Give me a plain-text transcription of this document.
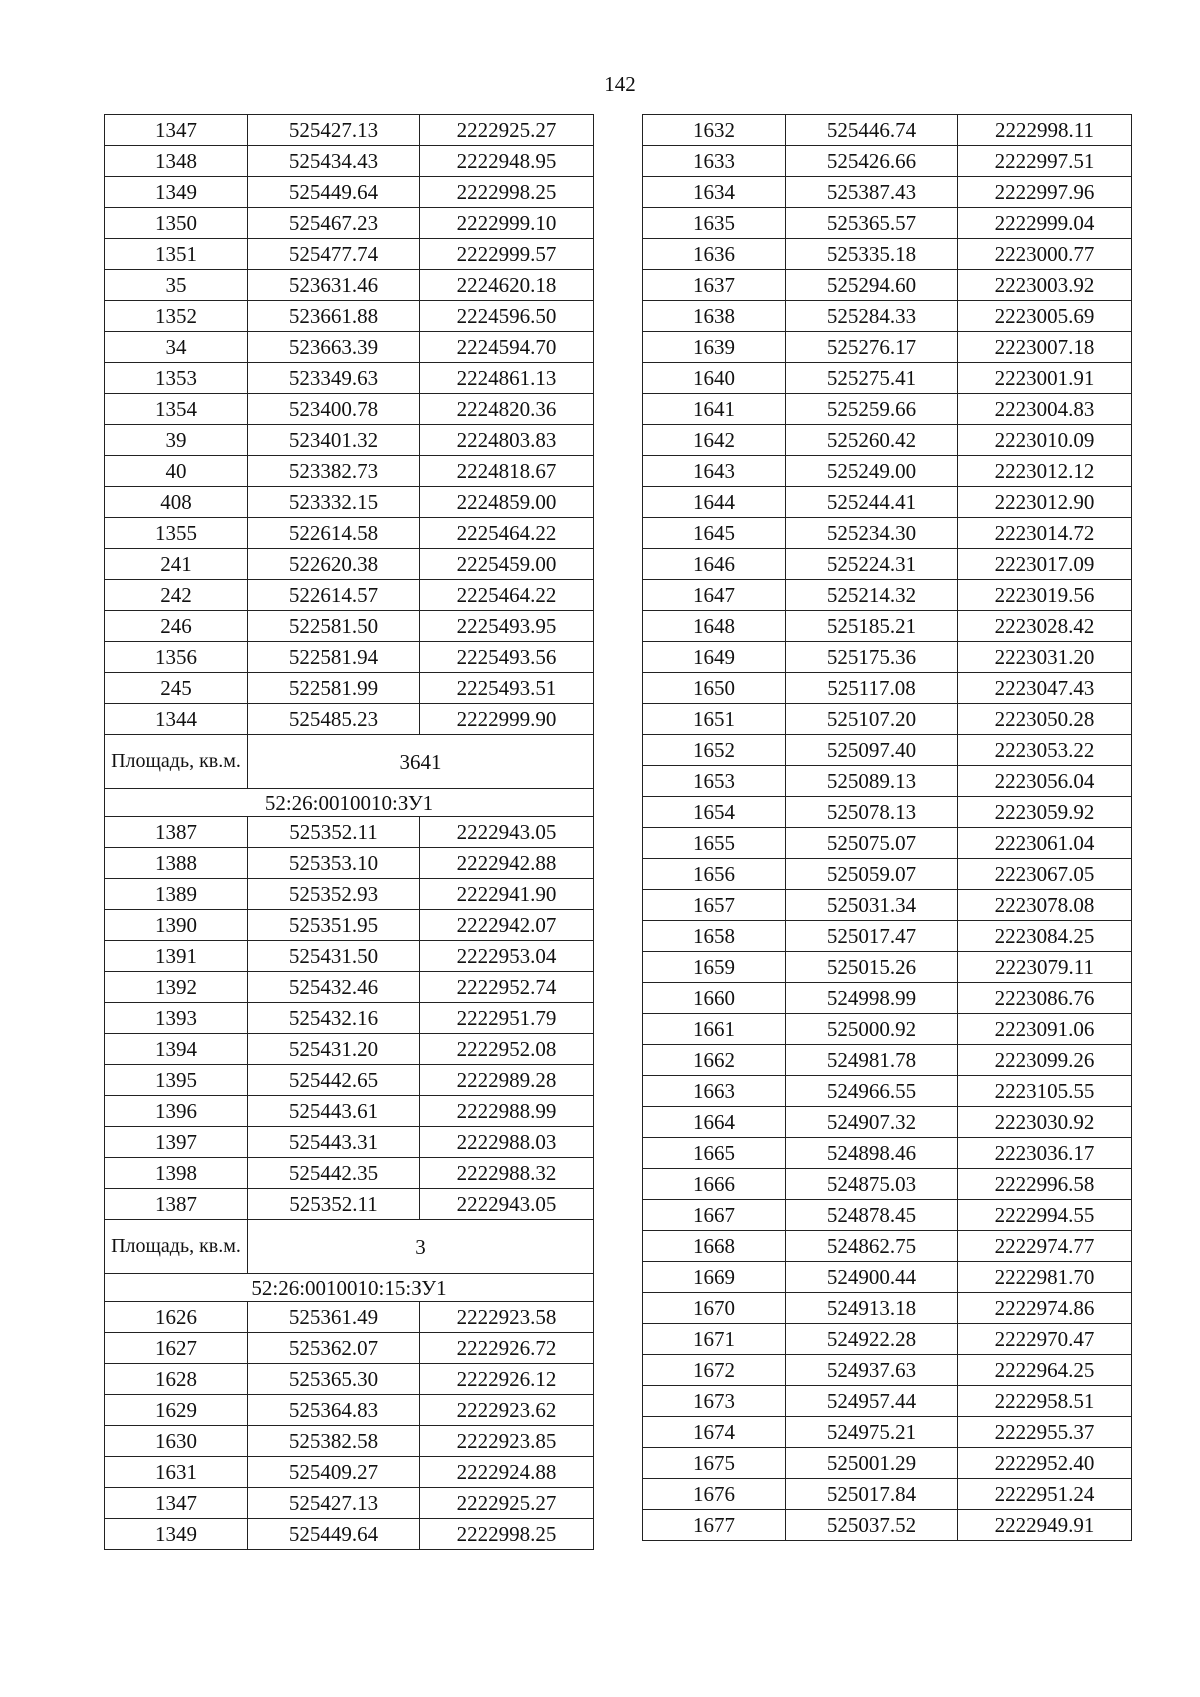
142
1347	525427.13	2222925.27
1348	525434.43	2222948.95
1349	525449.64	2222998.25
1350	525467.23	2222999.10
1351	525477.74	2222999.57
35	523631.46	2224620.18
1352	523661.88	2224596.50
34	523663.39	2224594.70
1353	523349.63	2224861.13
1354	523400.78	2224820.36
39	523401.32	2224803.83
40	523382.73	2224818.67
408	523332.15	2224859.00
1355	522614.58	2225464.22
241	522620.38	2225459.00
242	522614.57	2225464.22
246	522581.50	2225493.95
1356	522581.94	2225493.56
245	522581.99	2225493.51
1344	525485.23	2222999.90
Площадь, кв.м.	3641	
52:26:0010010:ЗУ1		
1387	525352.11	2222943.05
1388	525353.10	2222942.88
1389	525352.93	2222941.90
1390	525351.95	2222942.07
1391	525431.50	2222953.04
1392	525432.46	2222952.74
1393	525432.16	2222951.79
1394	525431.20	2222952.08
1395	525442.65	2222989.28
1396	525443.61	2222988.99
1397	525443.31	2222988.03
1398	525442.35	2222988.32
1387	525352.11	2222943.05
Площадь, кв.м.	3	
52:26:0010010:15:ЗУ1		
1626	525361.49	2222923.58
1627	525362.07	2222926.72
1628	525365.30	2222926.12
1629	525364.83	2222923.62
1630	525382.58	2222923.85
1631	525409.27	2222924.88
1347	525427.13	2222925.27
1349	525449.64	2222998.25
1632	525446.74	2222998.11
1633	525426.66	2222997.51
1634	525387.43	2222997.96
1635	525365.57	2222999.04
1636	525335.18	2223000.77
1637	525294.60	2223003.92
1638	525284.33	2223005.69
1639	525276.17	2223007.18
1640	525275.41	2223001.91
1641	525259.66	2223004.83
1642	525260.42	2223010.09
1643	525249.00	2223012.12
1644	525244.41	2223012.90
1645	525234.30	2223014.72
1646	525224.31	2223017.09
1647	525214.32	2223019.56
1648	525185.21	2223028.42
1649	525175.36	2223031.20
1650	525117.08	2223047.43
1651	525107.20	2223050.28
1652	525097.40	2223053.22
1653	525089.13	2223056.04
1654	525078.13	2223059.92
1655	525075.07	2223061.04
1656	525059.07	2223067.05
1657	525031.34	2223078.08
1658	525017.47	2223084.25
1659	525015.26	2223079.11
1660	524998.99	2223086.76
1661	525000.92	2223091.06
1662	524981.78	2223099.26
1663	524966.55	2223105.55
1664	524907.32	2223030.92
1665	524898.46	2223036.17
1666	524875.03	2222996.58
1667	524878.45	2222994.55
1668	524862.75	2222974.77
1669	524900.44	2222981.70
1670	524913.18	2222974.86
1671	524922.28	2222970.47
1672	524937.63	2222964.25
1673	524957.44	2222958.51
1674	524975.21	2222955.37
1675	525001.29	2222952.40
1676	525017.84	2222951.24
1677	525037.52	2222949.91
